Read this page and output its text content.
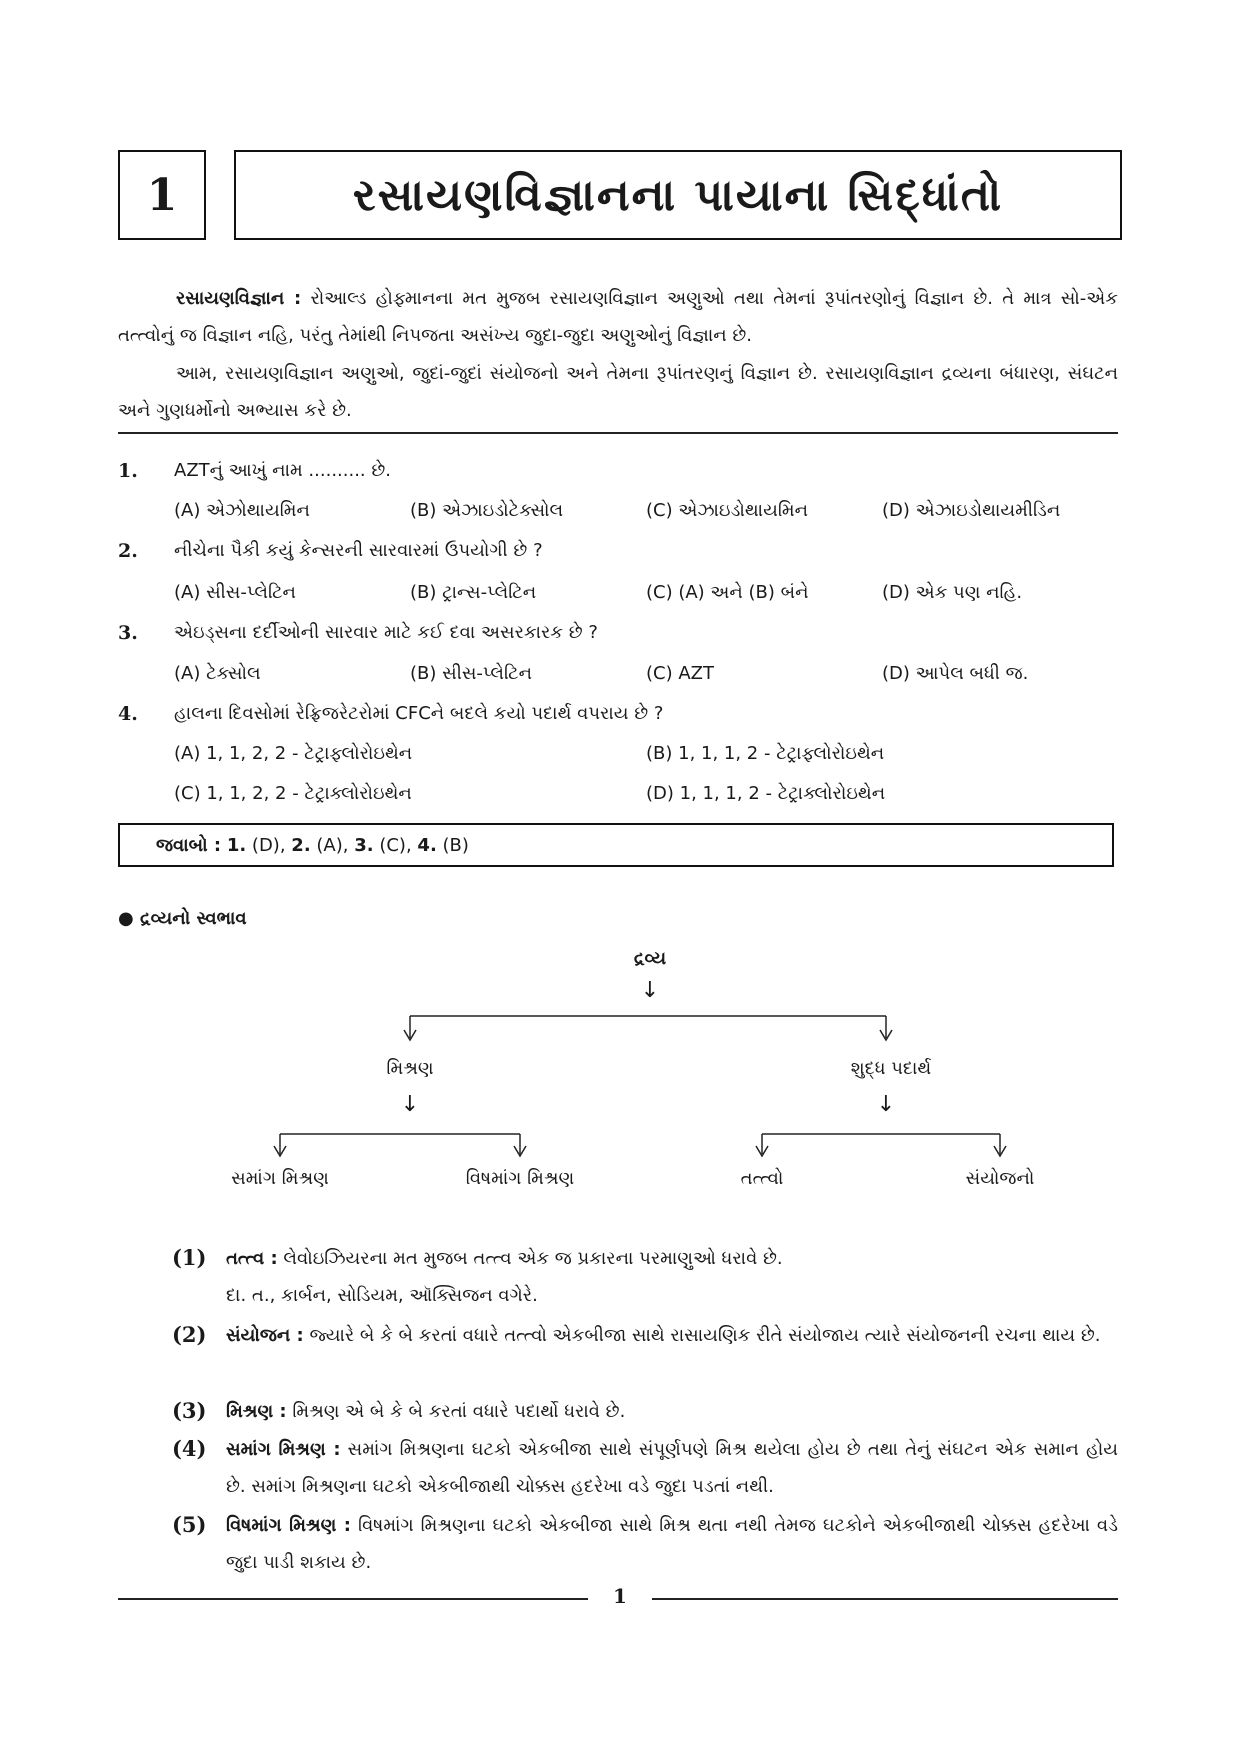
1	રસાયણવિજ્ઞાનના પાયાના સિદ્ધાંતો

રસાયણવિજ્ઞાન : રોઆલ્ડ હોફ્માનના મત મુજબ રસાયણવિજ્ઞાન અણુઓ તથા તેમનાં રૂપાંતરણોનું વિજ્ઞાન છે. તે માત્ર સો-એક તત્ત્વોનું જ વિજ્ઞાન નહિ, પરંતુ તેમાંથી નિપજતા અસંખ્ય જુદા-જુદા અણુઓનું વિજ્ઞાન છે.

આમ, રસાયણવિજ્ઞાન અણુઓ, જુદાં-જુદાં સંયોજનો અને તેમના રૂપાંતરણનું વિજ્ઞાન છે. રસાયણવિજ્ઞાન દ્રવ્યના બંધારણ, સંઘટન અને ગુણધર્મોનો અભ્યાસ કરે છે.

1. AZTનું આખું નામ .......... છે.
(A) એઝોથાયમિન	(B) એઝાઇડોટેક્સોલ	(C) એઝાઇડોથાયમિન	(D) એઝાઇડોથાયમીડિન
2. નીચેના પૈકી કયું કેન્સરની સારવારમાં ઉપયોગી છે ?
(A) સીસ-પ્લેટિન	(B) ટ્રાન્સ-પ્લેટિન	(C) (A) અને (B) બંને	(D) એક પણ નહિ.
3. એઇડ્સના દર્દીઓની સારવાર માટે કઈ દવા અસરકારક છે ?
(A) ટેક્સોલ	(B) સીસ-પ્લેટિન	(C) AZT	(D) આપેલ બધી જ.
4. હાલના દિવસોમાં રેફ્રિજરેટરોમાં CFCને બદલે કયો પદાર્થ વપરાય છે ?
(A) 1, 1, 2, 2 - ટેટ્રાફ્લોરોઇથેન	(B) 1, 1, 1, 2 - ટેટ્રાફ્લોરોઇથેન
(C) 1, 1, 2, 2 - ટેટ્રાક્લોરોઇથેન	(D) 1, 1, 1, 2 - ટેટ્રાક્લોરોઇથેન
જવાબો :
1.
(D),
2.
(A),
3.
(C),
4.
(B)
● દ્રવ્યનો સ્વભાવ
દ્રવ્ય
↓
મિશ્રણ
↓
શુદ્ધ પદાર્થ
↓
સમાંગ મિશ્રણ	વિષમાંગ મિશ્રણ	તત્ત્વો	સંયોજનો
(1) તત્ત્વ : લેવોઇઝિયરના મત મુજબ તત્ત્વ એક જ પ્રકારના પરમાણુઓ ધરાવે છે.
દા. ત., કાર્બન, સોડિયમ, ઑક્સિજન વગેરે.

(2) સંયોજન : જ્યારે બે કે બે કરતાં વધારે તત્ત્વો એકબીજા સાથે રાસાયણિક રીતે સંયોજાય ત્યારે સંયોજનની રચના થાય છે.

(3) મિશ્રણ : મિશ્રણ એ બે કે બે કરતાં વધારે પદાર્થો ધરાવે છે.

(4) સમાંગ મિશ્રણ : સમાંગ મિશ્રણના ઘટકો એકબીજા સાથે સંપૂર્ણપણે મિશ્ર થયેલા હોય છે તથા તેનું સંઘટન એક સમાન હોય છે. સમાંગ મિશ્રણના ઘટકો એકબીજાથી ચોક્કસ હદરેખા વડે જુદા પડતાં નથી.

(5) વિષમાંગ મિશ્રણ : વિષમાંગ મિશ્રણના ઘટકો એકબીજા સાથે મિશ્ર થતા નથી તેમજ ઘટકોને એકબીજાથી ચોક્કસ હદરેખા વડે જુદા પાડી શકાય છે.

1
